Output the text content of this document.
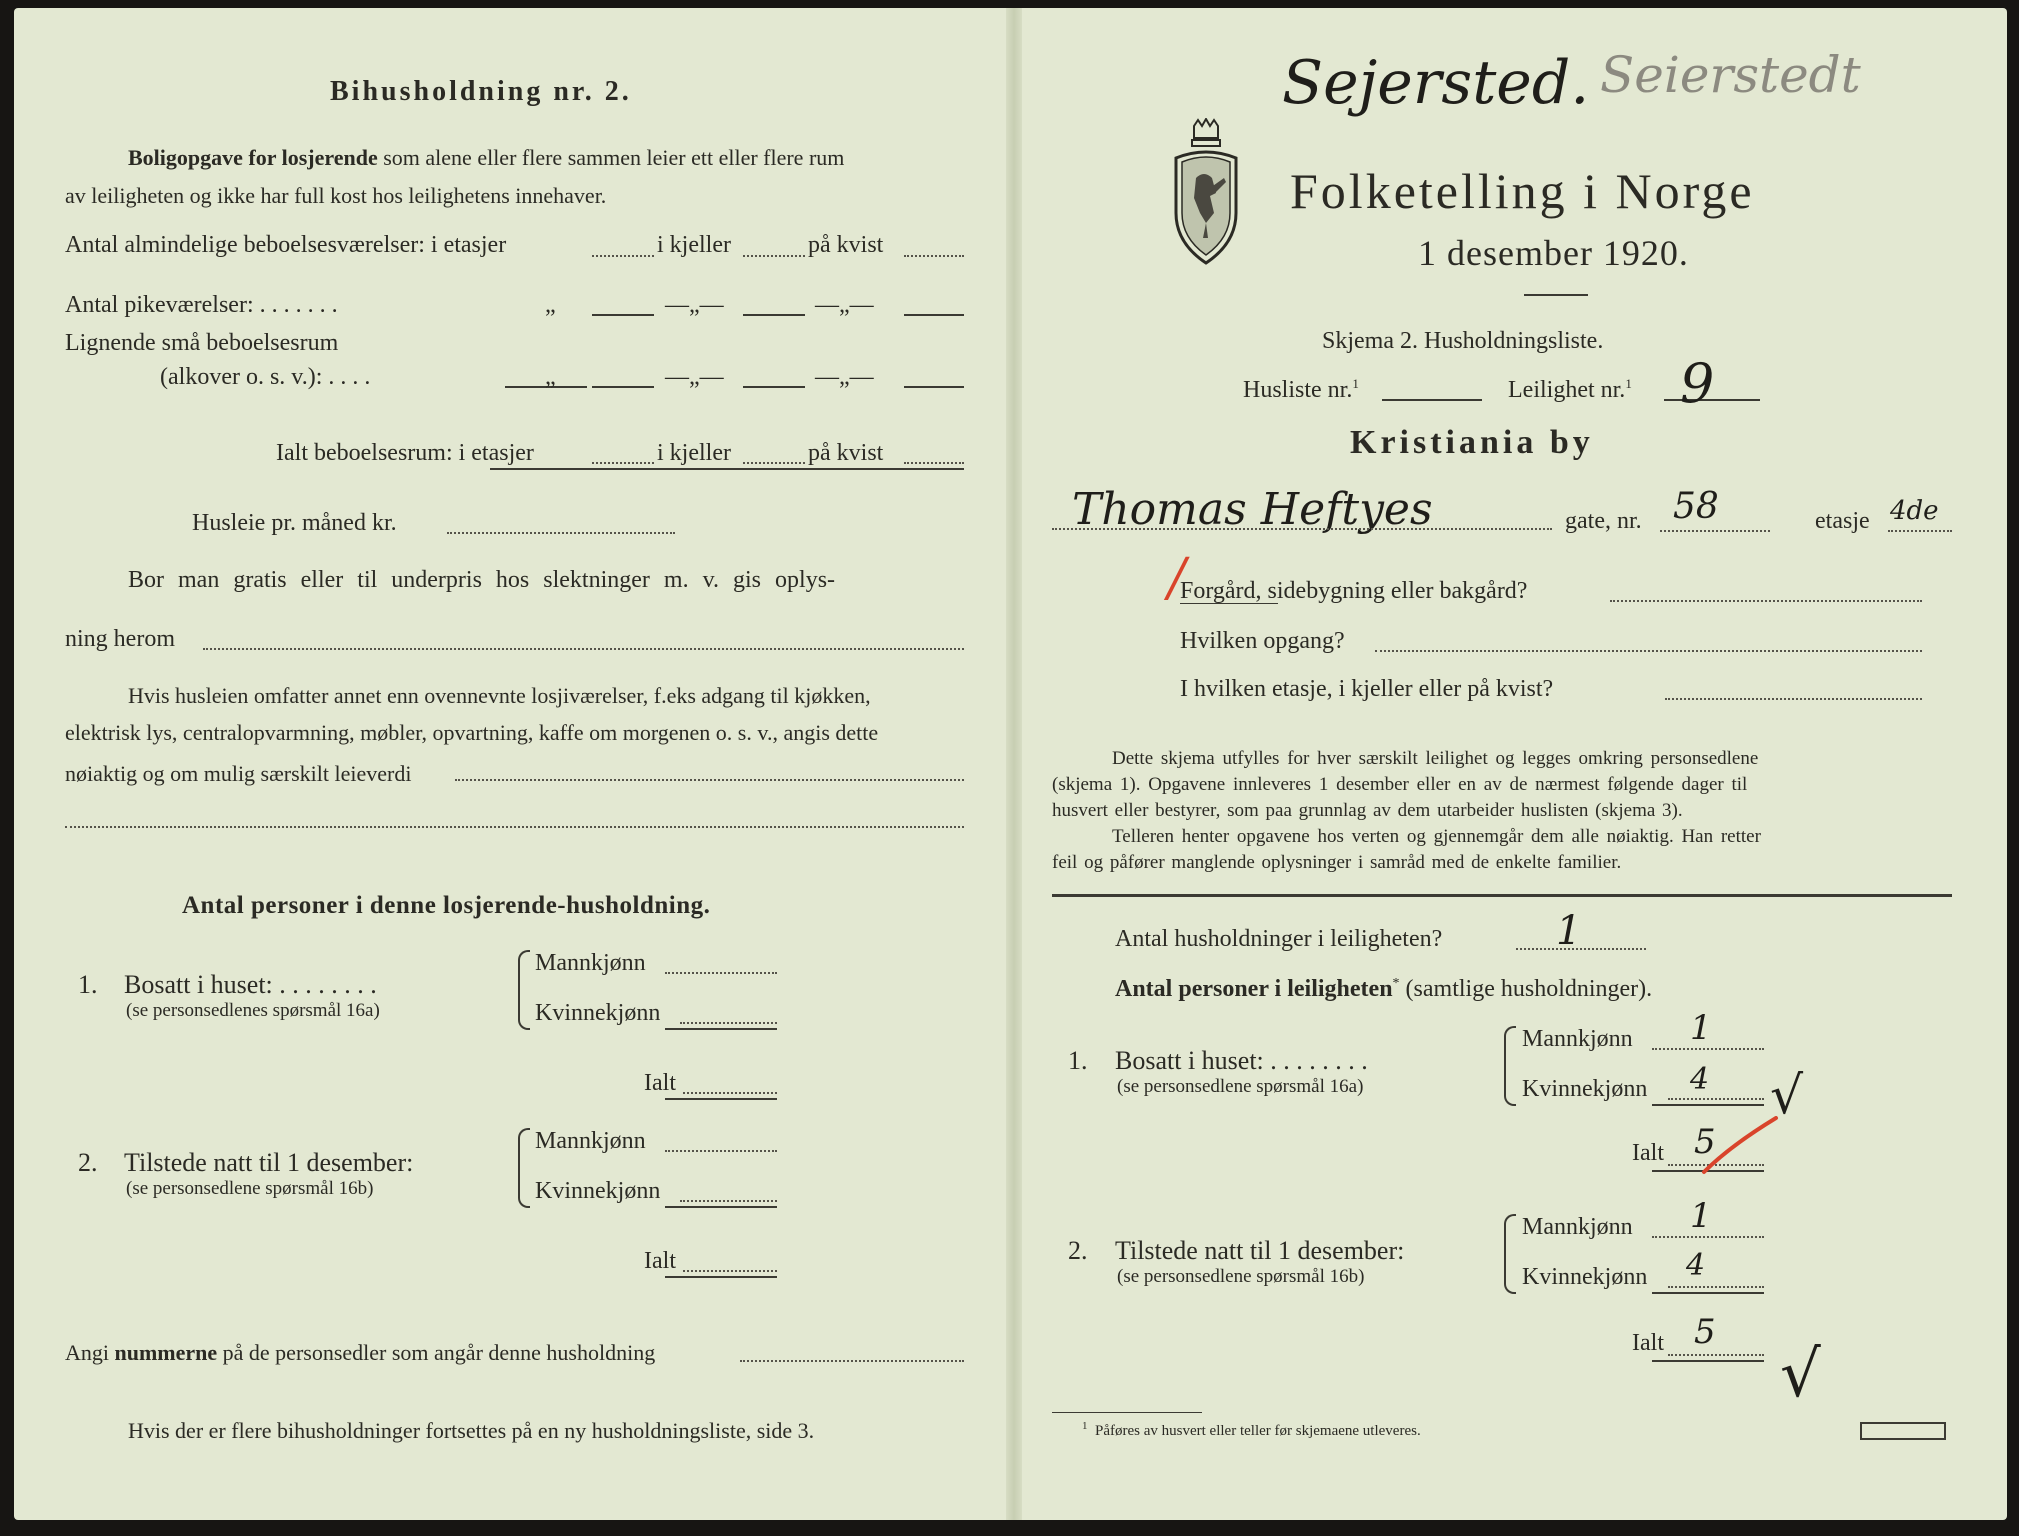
Bihusholdning nr. 2.
Boligopgave for losjerende som alene eller flere sammen leier ett eller flere rum
av leiligheten og ikke har full kost hos leilighetens innehaver.
Antal almindelige beboelsesværelser: i etasjer	i kjeller	på kvist
Antal pikeværelser: . . . . . . .	„	—„—	—„—
Lignende små beboelsesrum
(alkover o. s. v.): . . . .	„	—„—	—„—
Ialt beboelsesrum: i etasjer	i kjeller	på kvist
Husleie pr. måned kr.
Bor man gratis eller til underpris hos slektninger m. v. gis oplys-
ning herom
Hvis husleien omfatter annet enn ovennevnte losjiværelser, f.eks adgang til kjøkken,
elektrisk lys, centralopvarmning, møbler, opvartning, kaffe om morgenen o. s. v., angis dette
nøiaktig og om mulig særskilt leieverdi
Antal personer i denne losjerende-husholdning.
1. Bosatt i huset: . . . . . . . .
(se personsedlenes spørsmål 16a)
Mannkjønn
Kvinnekjønn
Ialt
2. Tilstede natt til 1 desember:
(se personsedlene spørsmål 16b)
Mannkjønn
Kvinnekjønn
Ialt
Angi nummerne på de personsedler som angår denne husholdning
Hvis der er flere bihusholdninger fortsettes på en ny husholdningsliste, side 3.
Sejersted. Seierstedt
Folketelling i Norge
1 desember 1920.
Skjema 2. Husholdningsliste.
Husliste nr.$^1$	Leilighet nr.$^1$ 9
Kristiania by
Thomas Heftyes	gate, nr. 58	etasje 4de
/
Forgård, sidebygning eller bakgård?
Hvilken opgang?
I hvilken etasje, i kjeller eller på kvist?
Dette skjema utfylles for hver særskilt leilighet og legges omkring personsedlene
(skjema 1). Opgavene innleveres 1 desember eller en av de nærmest følgende dager til
husvert eller bestyrer, som paa grunnlag av dem utarbeider huslisten (skjema 3).
Telleren henter opgavene hos verten og gjennemgår dem alle nøiaktig. Han retter
feil og påfører manglende oplysninger i samråd med de enkelte familier.
Antal husholdninger i leiligheten?	1
Antal personer i leiligheten* (samtlige husholdninger).
1. Bosatt i huset: . . . . . . . .
(se personsedlene spørsmål 16a)
Mannkjønn 1
Kvinnekjønn 4 √
Ialt 5
2. Tilstede natt til 1 desember:
(se personsedlene spørsmål 16b)
Mannkjønn 1
Kvinnekjønn 4
Ialt 5
√
$^1$ Påføres av husvert eller teller før skjemaene utleveres.
